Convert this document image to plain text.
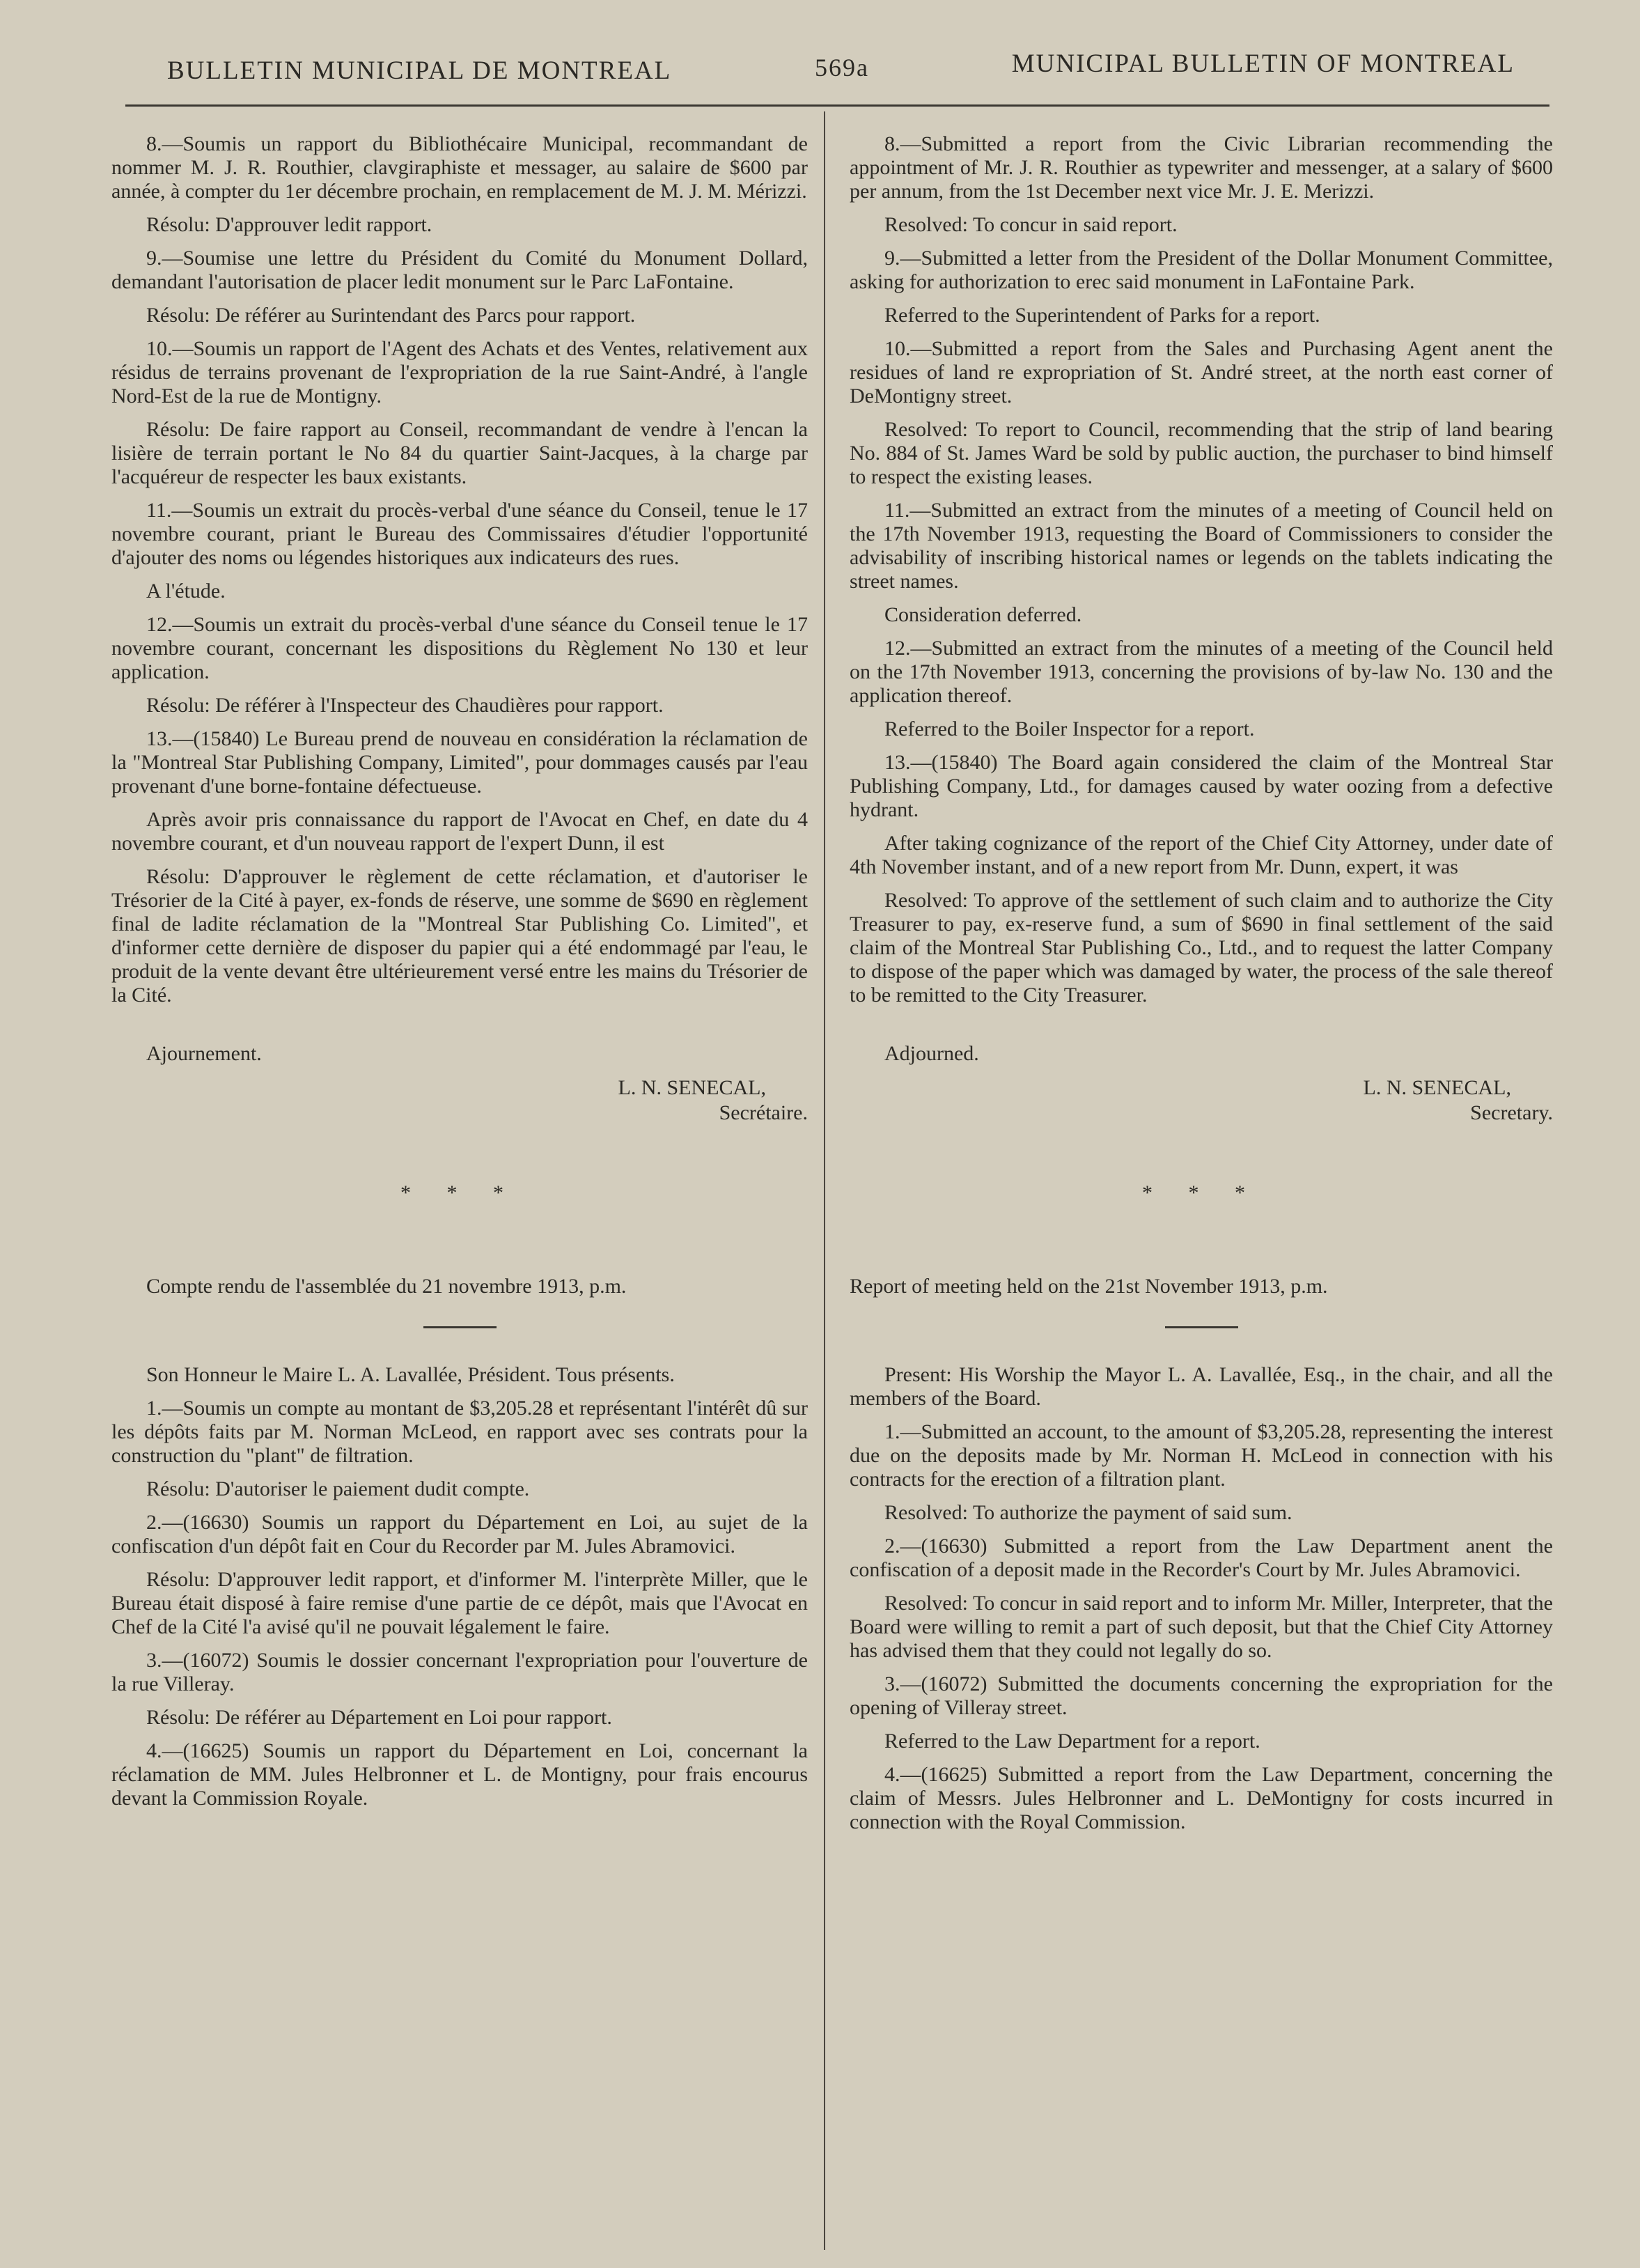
BULLETIN MUNICIPAL DE MONTREAL	569a	MUNICIPAL BULLETIN OF MONTREAL

8.—Soumis un rapport du Bibliothécaire Municipal, recommandant de nommer M. J. R. Routhier, clavgiraphiste et messager, au salaire de $600 par année, à compter du 1er décembre prochain, en remplacement de M. J. M. Mérizzi.

Résolu: D'approuver ledit rapport.

9.—Soumise une lettre du Président du Comité du Monument Dollard, demandant l'autorisation de placer ledit monument sur le Parc LaFontaine.

Résolu: De référer au Surintendant des Parcs pour rapport.

10.—Soumis un rapport de l'Agent des Achats et des Ventes, relativement aux résidus de terrains provenant de l'expropriation de la rue Saint-André, à l'angle Nord-Est de la rue de Montigny.

Résolu: De faire rapport au Conseil, recommandant de vendre à l'encan la lisière de terrain portant le No 84 du quartier Saint-Jacques, à la charge par l'acquéreur de respecter les baux existants.

11.—Soumis un extrait du procès-verbal d'une séance du Conseil, tenue le 17 novembre courant, priant le Bureau des Commissaires d'étudier l'opportunité d'ajouter des noms ou légendes historiques aux indicateurs des rues.

A l'étude.

12.—Soumis un extrait du procès-verbal d'une séance du Conseil tenue le 17 novembre courant, concernant les dispositions du Règlement No 130 et leur application.

Résolu: De référer à l'Inspecteur des Chaudières pour rapport.

13.—(15840) Le Bureau prend de nouveau en considération la réclamation de la "Montreal Star Publishing Company, Limited", pour dommages causés par l'eau provenant d'une borne-fontaine défectueuse.

Après avoir pris connaissance du rapport de l'Avocat en Chef, en date du 4 novembre courant, et d'un nouveau rapport de l'expert Dunn, il est

Résolu: D'approuver le règlement de cette réclamation, et d'autoriser le Trésorier de la Cité à payer, ex-fonds de réserve, une somme de $690 en règlement final de ladite réclamation de la "Montreal Star Publishing Co. Limited", et d'informer cette dernière de disposer du papier qui a été endommagé par l'eau, le produit de la vente devant être ultérieurement versé entre les mains du Trésorier de la Cité.

Ajournement.

L. N. SENECAL,
Secrétaire.

* * *

Compte rendu de l'assemblée du 21 novembre 1913, p.m.

Son Honneur le Maire L. A. Lavallée, Président. Tous présents.

1.—Soumis un compte au montant de $3,205.28 et représentant l'intérêt dû sur les dépôts faits par M. Norman McLeod, en rapport avec ses contrats pour la construction du "plant" de filtration.

Résolu: D'autoriser le paiement dudit compte.

2.—(16630) Soumis un rapport du Département en Loi, au sujet de la confiscation d'un dépôt fait en Cour du Recorder par M. Jules Abramovici.

Résolu: D'approuver ledit rapport, et d'informer M. l'interprète Miller, que le Bureau était disposé à faire remise d'une partie de ce dépôt, mais que l'Avocat en Chef de la Cité l'a avisé qu'il ne pouvait légalement le faire.

3.—(16072) Soumis le dossier concernant l'expropriation pour l'ouverture de la rue Villeray.

Résolu: De référer au Département en Loi pour rapport.

4.—(16625) Soumis un rapport du Département en Loi, concernant la réclamation de MM. Jules Helbronner et L. de Montigny, pour frais encourus devant la Commission Royale.

8.—Submitted a report from the Civic Librarian recommending the appointment of Mr. J. R. Routhier as typewriter and messenger, at a salary of $600 per annum, from the 1st December next vice Mr. J. E. Merizzi.

Resolved: To concur in said report.

9.—Submitted a letter from the President of the Dollar Monument Committee, asking for authorization to erec said monument in LaFontaine Park.

Referred to the Superintendent of Parks for a report.

10.—Submitted a report from the Sales and Purchasing Agent anent the residues of land re expropriation of St. André street, at the north east corner of DeMontigny street.

Resolved: To report to Council, recommending that the strip of land bearing No. 884 of St. James Ward be sold by public auction, the purchaser to bind himself to respect the existing leases.

11.—Submitted an extract from the minutes of a meeting of Council held on the 17th November 1913, requesting the Board of Commissioners to consider the advisability of inscribing historical names or legends on the tablets indicating the street names.

Consideration deferred.

12.—Submitted an extract from the minutes of a meeting of the Council held on the 17th November 1913, concerning the provisions of by-law No. 130 and the application thereof.

Referred to the Boiler Inspector for a report.

13.—(15840) The Board again considered the claim of the Montreal Star Publishing Company, Ltd., for damages caused by water oozing from a defective hydrant.

After taking cognizance of the report of the Chief City Attorney, under date of 4th November instant, and of a new report from Mr. Dunn, expert, it was

Resolved: To approve of the settlement of such claim and to authorize the City Treasurer to pay, ex-reserve fund, a sum of $690 in final settlement of the said claim of the Montreal Star Publishing Co., Ltd., and to request the latter Company to dispose of the paper which was damaged by water, the process of the sale thereof to be remitted to the City Treasurer.

Adjourned.

L. N. SENECAL,
Secretary.

* * *

Report of meeting held on the 21st November 1913, p.m.

Present: His Worship the Mayor L. A. Lavallée, Esq., in the chair, and all the members of the Board.

1.—Submitted an account, to the amount of $3,205.28, representing the interest due on the deposits made by Mr. Norman H. McLeod in connection with his contracts for the erection of a filtration plant.

Resolved: To authorize the payment of said sum.

2.—(16630) Submitted a report from the Law Department anent the confiscation of a deposit made in the Recorder's Court by Mr. Jules Abramovici.

Resolved: To concur in said report and to inform Mr. Miller, Interpreter, that the Board were willing to remit a part of such deposit, but that the Chief City Attorney has advised them that they could not legally do so.

3.—(16072) Submitted the documents concerning the expropriation for the opening of Villeray street.

Referred to the Law Department for a report.

4.—(16625) Submitted a report from the Law Department, concerning the claim of Messrs. Jules Helbronner and L. DeMontigny for costs incurred in connection with the Royal Commission.
